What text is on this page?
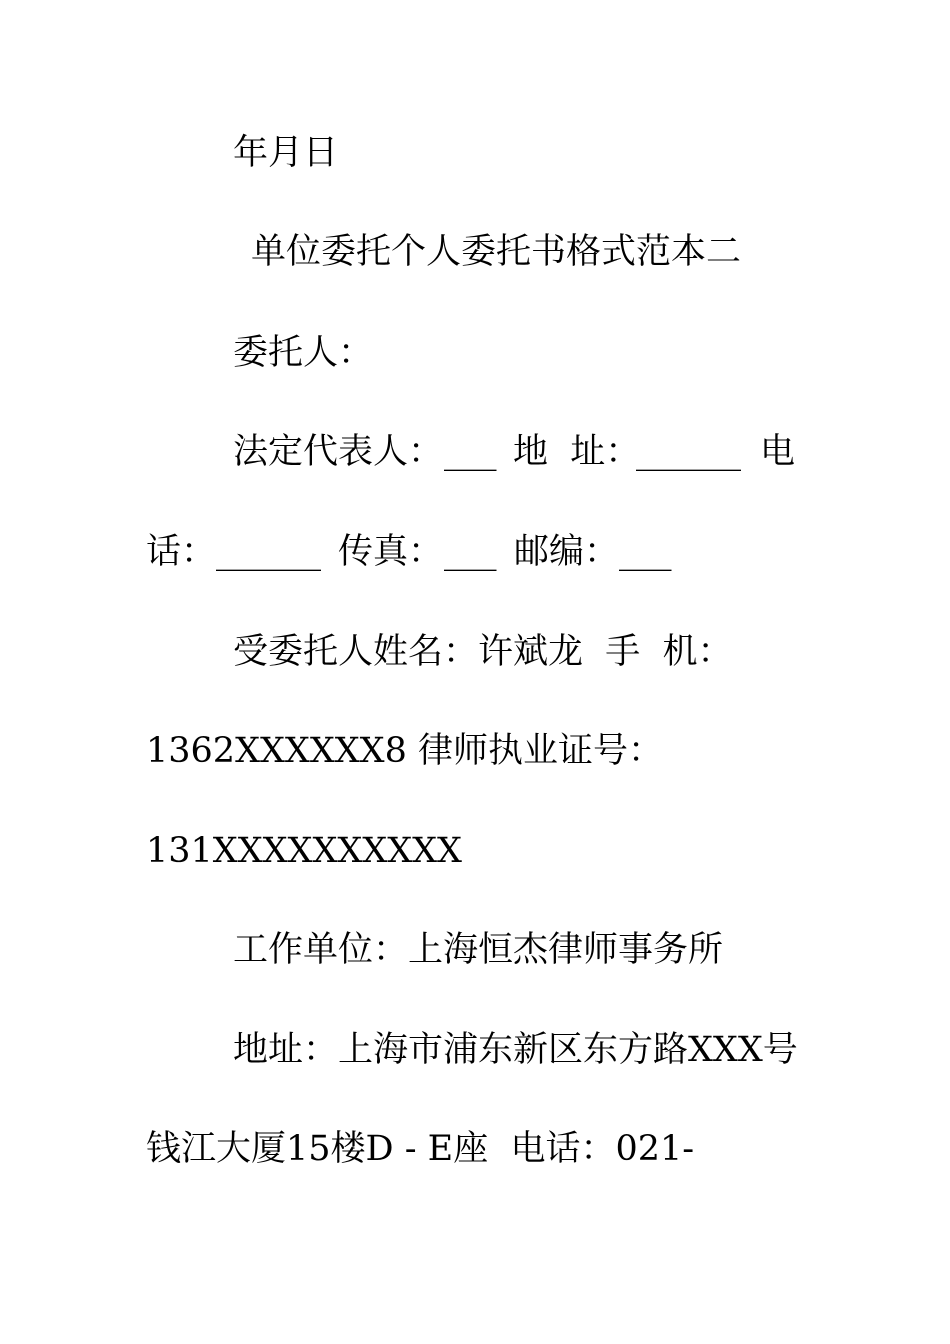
年月日
单位委托个人委托书格式范本二
委托人：
法定代表人： ___ 地  址：
______ 电
话： ______ 传真： ___ 邮编： ___
受委托人姓名：许斌龙  手  机：
1362XXXXXX8 律师执业证号：
131XXXXXXXXXX
工作单位：上海恒杰律师事务所
地址：上海市浦东新区东方路XXX号
钱江大厦15楼D - E座  电话：021-
